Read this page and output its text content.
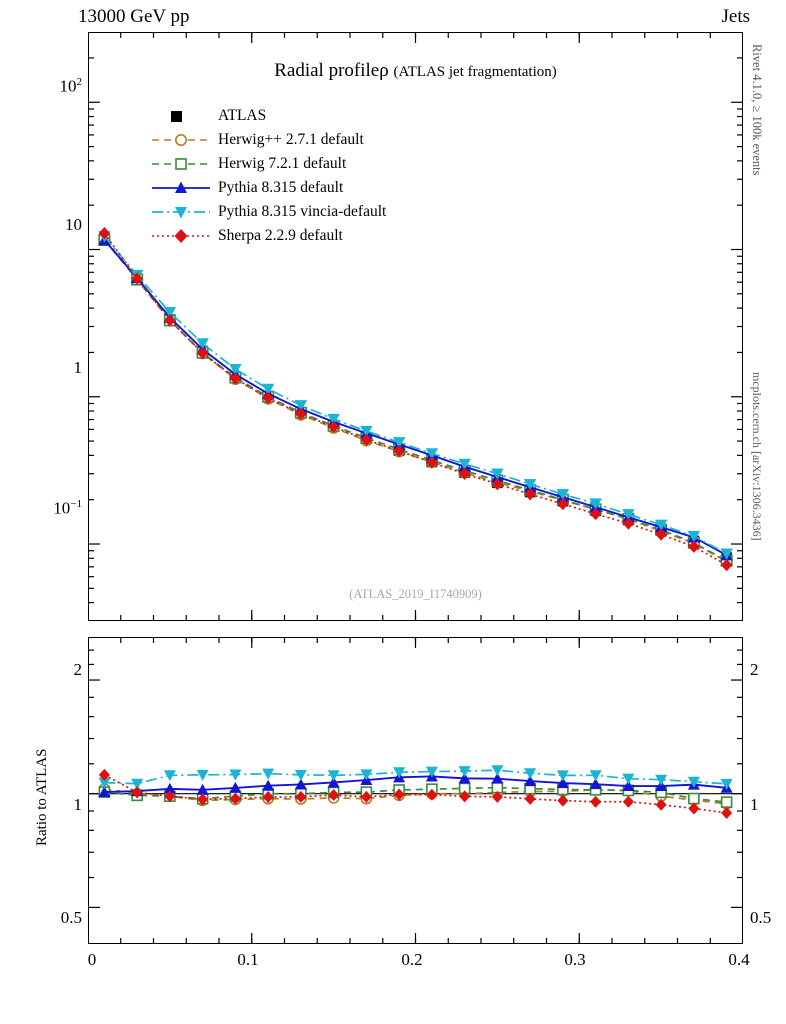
13000 GeV pp	Jets
Rivet 4.1.0, ≥ 100k events
mcplots.cern.ch [arXiv:1306.3436]
Radial profileρ (ATLAS jet fragmentation)
(ATLAS_2019_I1740909)
$10^2$
10
1
$10^{-1}$
ATLAS
Herwig++ 2.7.1 default
Herwig 7.2.1 default
Pythia 8.315 default
Pythia 8.315 vincia-default
Sherpa 2.2.9 default
Ratio to ATLAS
2
1
0.5
2
1
0.5
0	0.1	0.2	0.3	0.4
